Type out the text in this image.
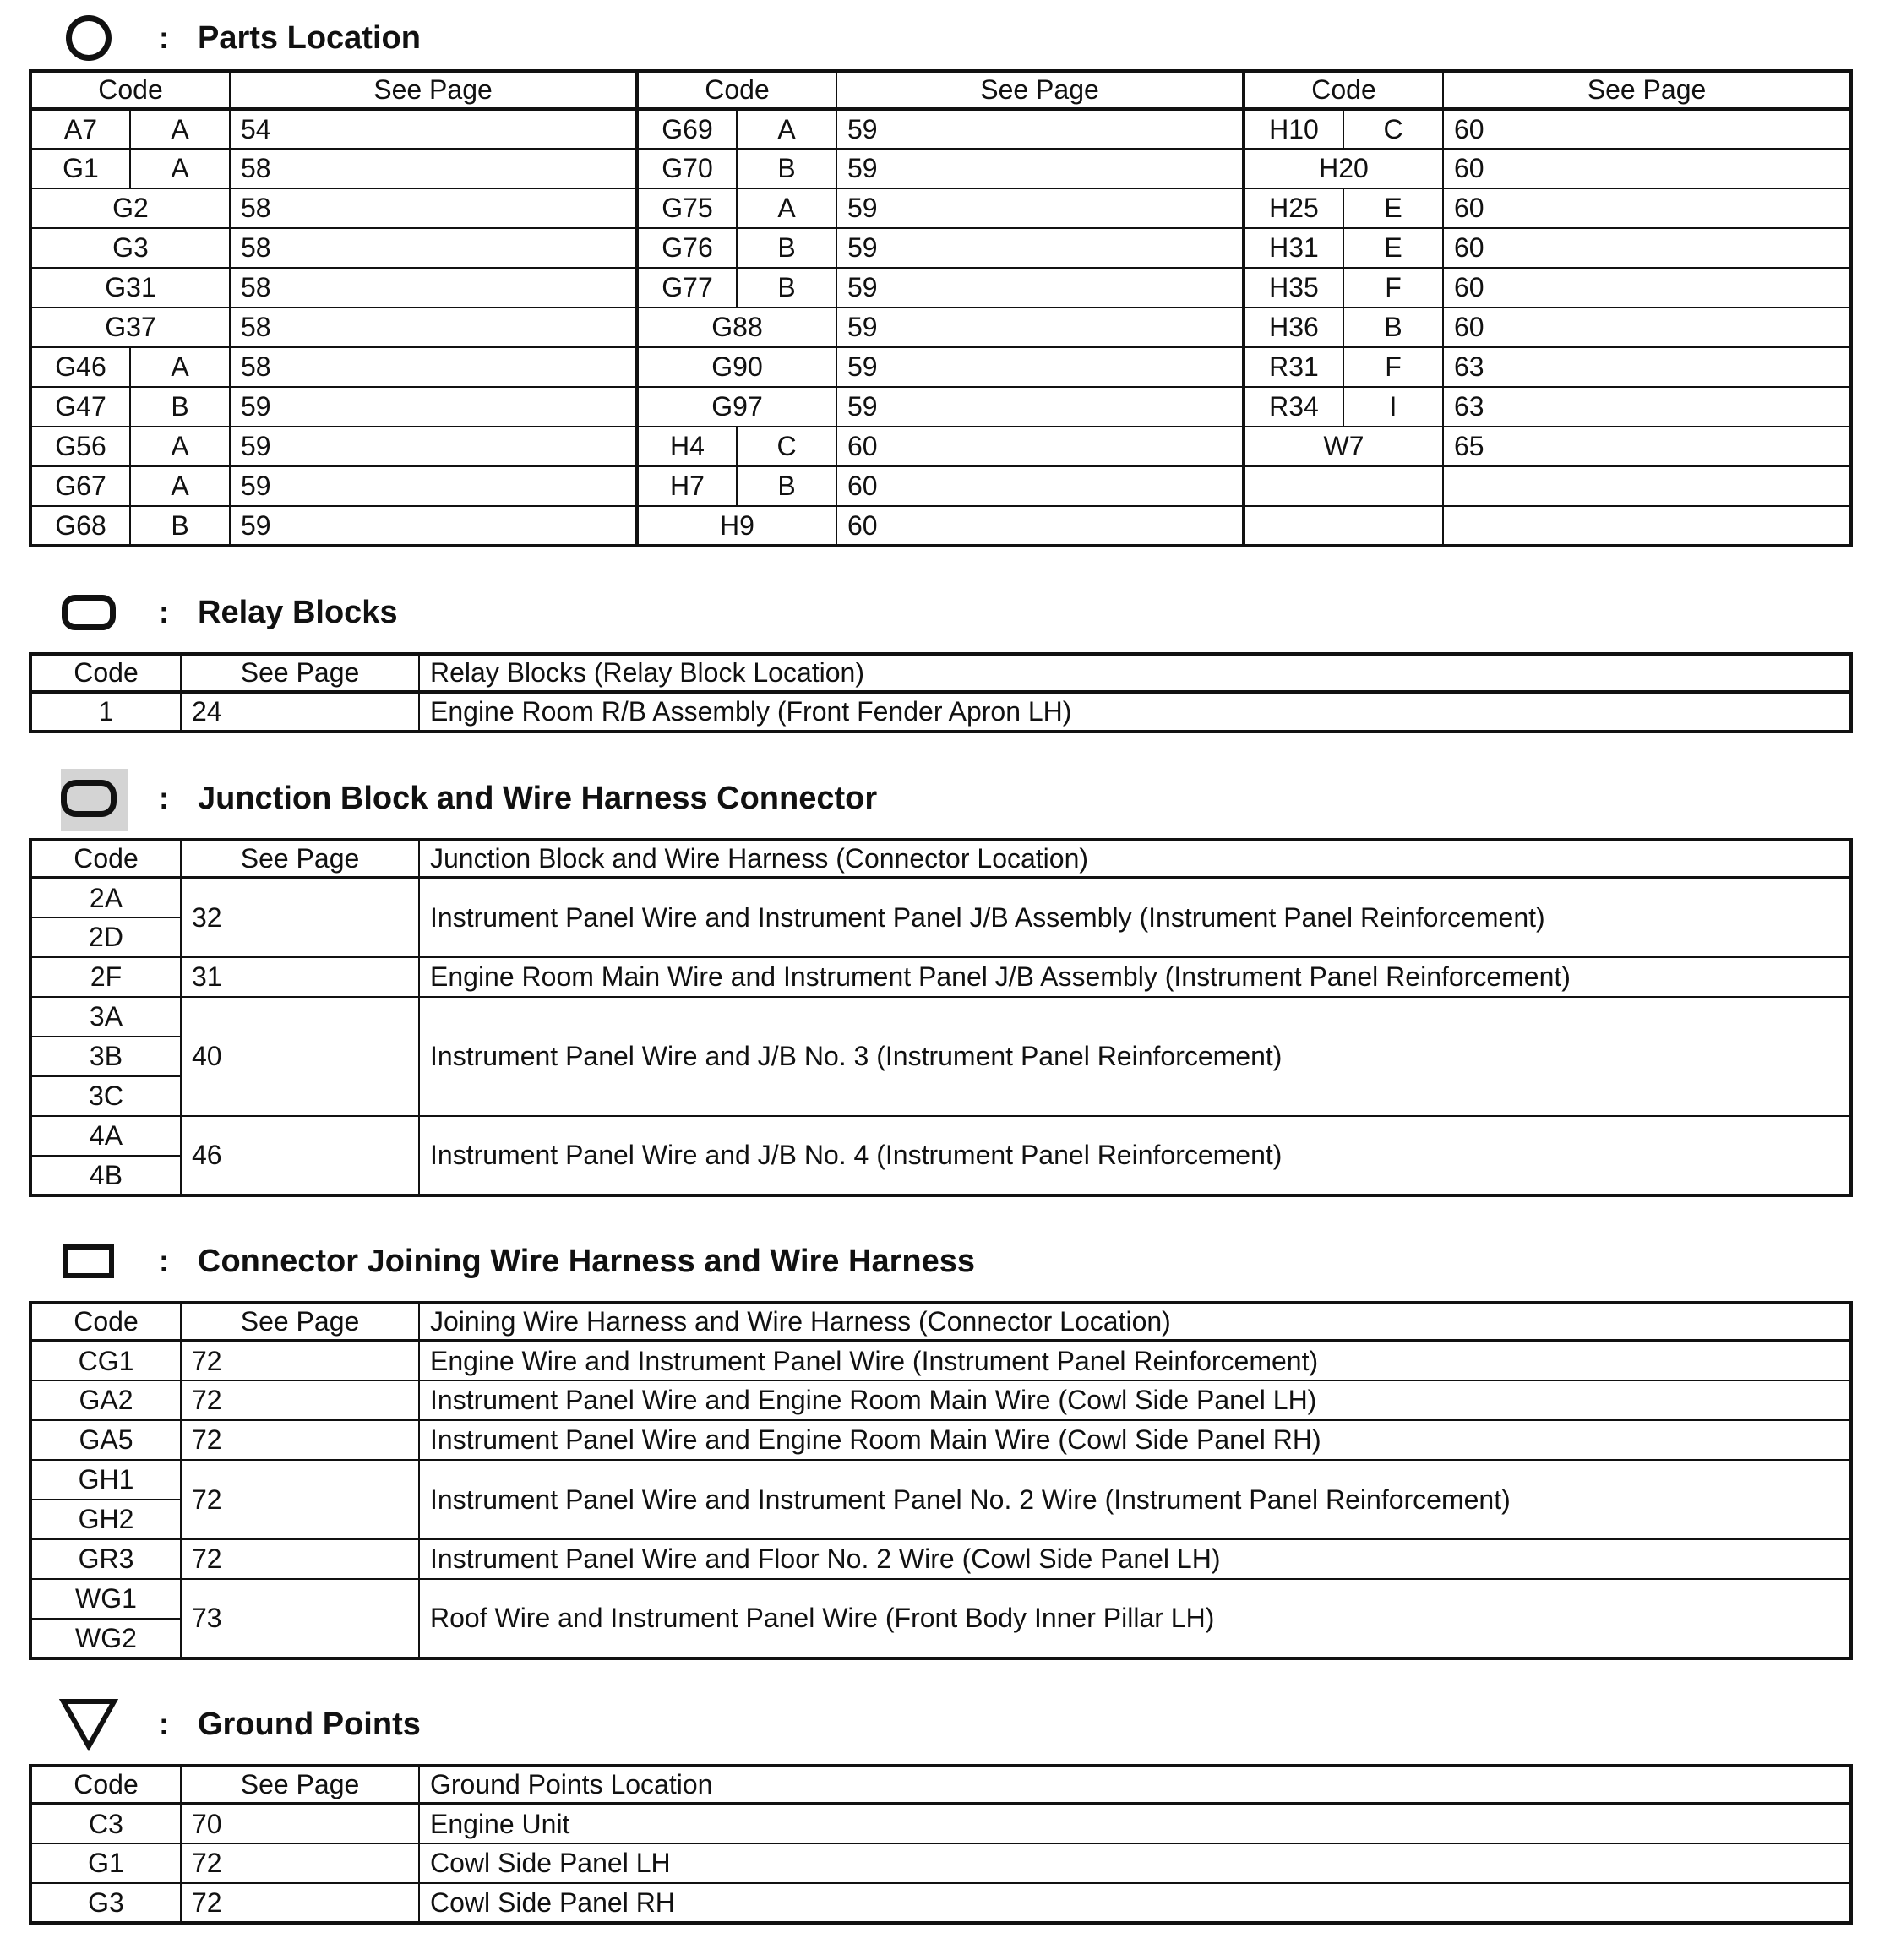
: Parts Location
Code		See Page	Code		See Page	Code		See Page
A7	A	54	G69	A	59	H10	C	60
G1	A	58	G70	B	59	H20		60
G2		58	G75	A	59	H25	E	60
G3		58	G76	B	59	H31	E	60
G31		58	G77	B	59	H35	F	60
G37		58	G88		59	H36	B	60
G46	A	58	G90		59	R31	F	63
G47	B	59	G97		59	R34	I	63
G56	A	59	H4	C	60	W7		65
G67	A	59	H7	B	60			
G68	B	59	H9		60			
: Relay Blocks
Code	See Page	Relay Blocks (Relay Block Location)
1	24	Engine Room R/B Assembly (Front Fender Apron LH)
: Junction Block and Wire Harness Connector
Code	See Page	Junction Block and Wire Harness (Connector Location)
2A	32	Instrument Panel Wire and Instrument Panel J/B Assembly (Instrument Panel Reinforcement)
2D		
2F	31	Engine Room Main Wire and Instrument Panel J/B Assembly (Instrument Panel Reinforcement)
3A	40	Instrument Panel Wire and J/B No. 3 (Instrument Panel Reinforcement)
3B		
3C		
4A	46	Instrument Panel Wire and J/B No. 4 (Instrument Panel Reinforcement)
4B		
: Connector Joining Wire Harness and Wire Harness
Code	See Page	Joining Wire Harness and Wire Harness (Connector Location)
CG1	72	Engine Wire and Instrument Panel Wire (Instrument Panel Reinforcement)
GA2	72	Instrument Panel Wire and Engine Room Main Wire (Cowl Side Panel LH)
GA5	72	Instrument Panel Wire and Engine Room Main Wire (Cowl Side Panel RH)
GH1	72	Instrument Panel Wire and Instrument Panel No. 2 Wire (Instrument Panel Reinforcement)
GH2		
GR3	72	Instrument Panel Wire and Floor No. 2 Wire (Cowl Side Panel LH)
WG1	73	Roof Wire and Instrument Panel Wire (Front Body Inner Pillar LH)
WG2		
: Ground Points
Code	See Page	Ground Points Location
C3	70	Engine Unit
G1	72	Cowl Side Panel LH
G3	72	Cowl Side Panel RH
